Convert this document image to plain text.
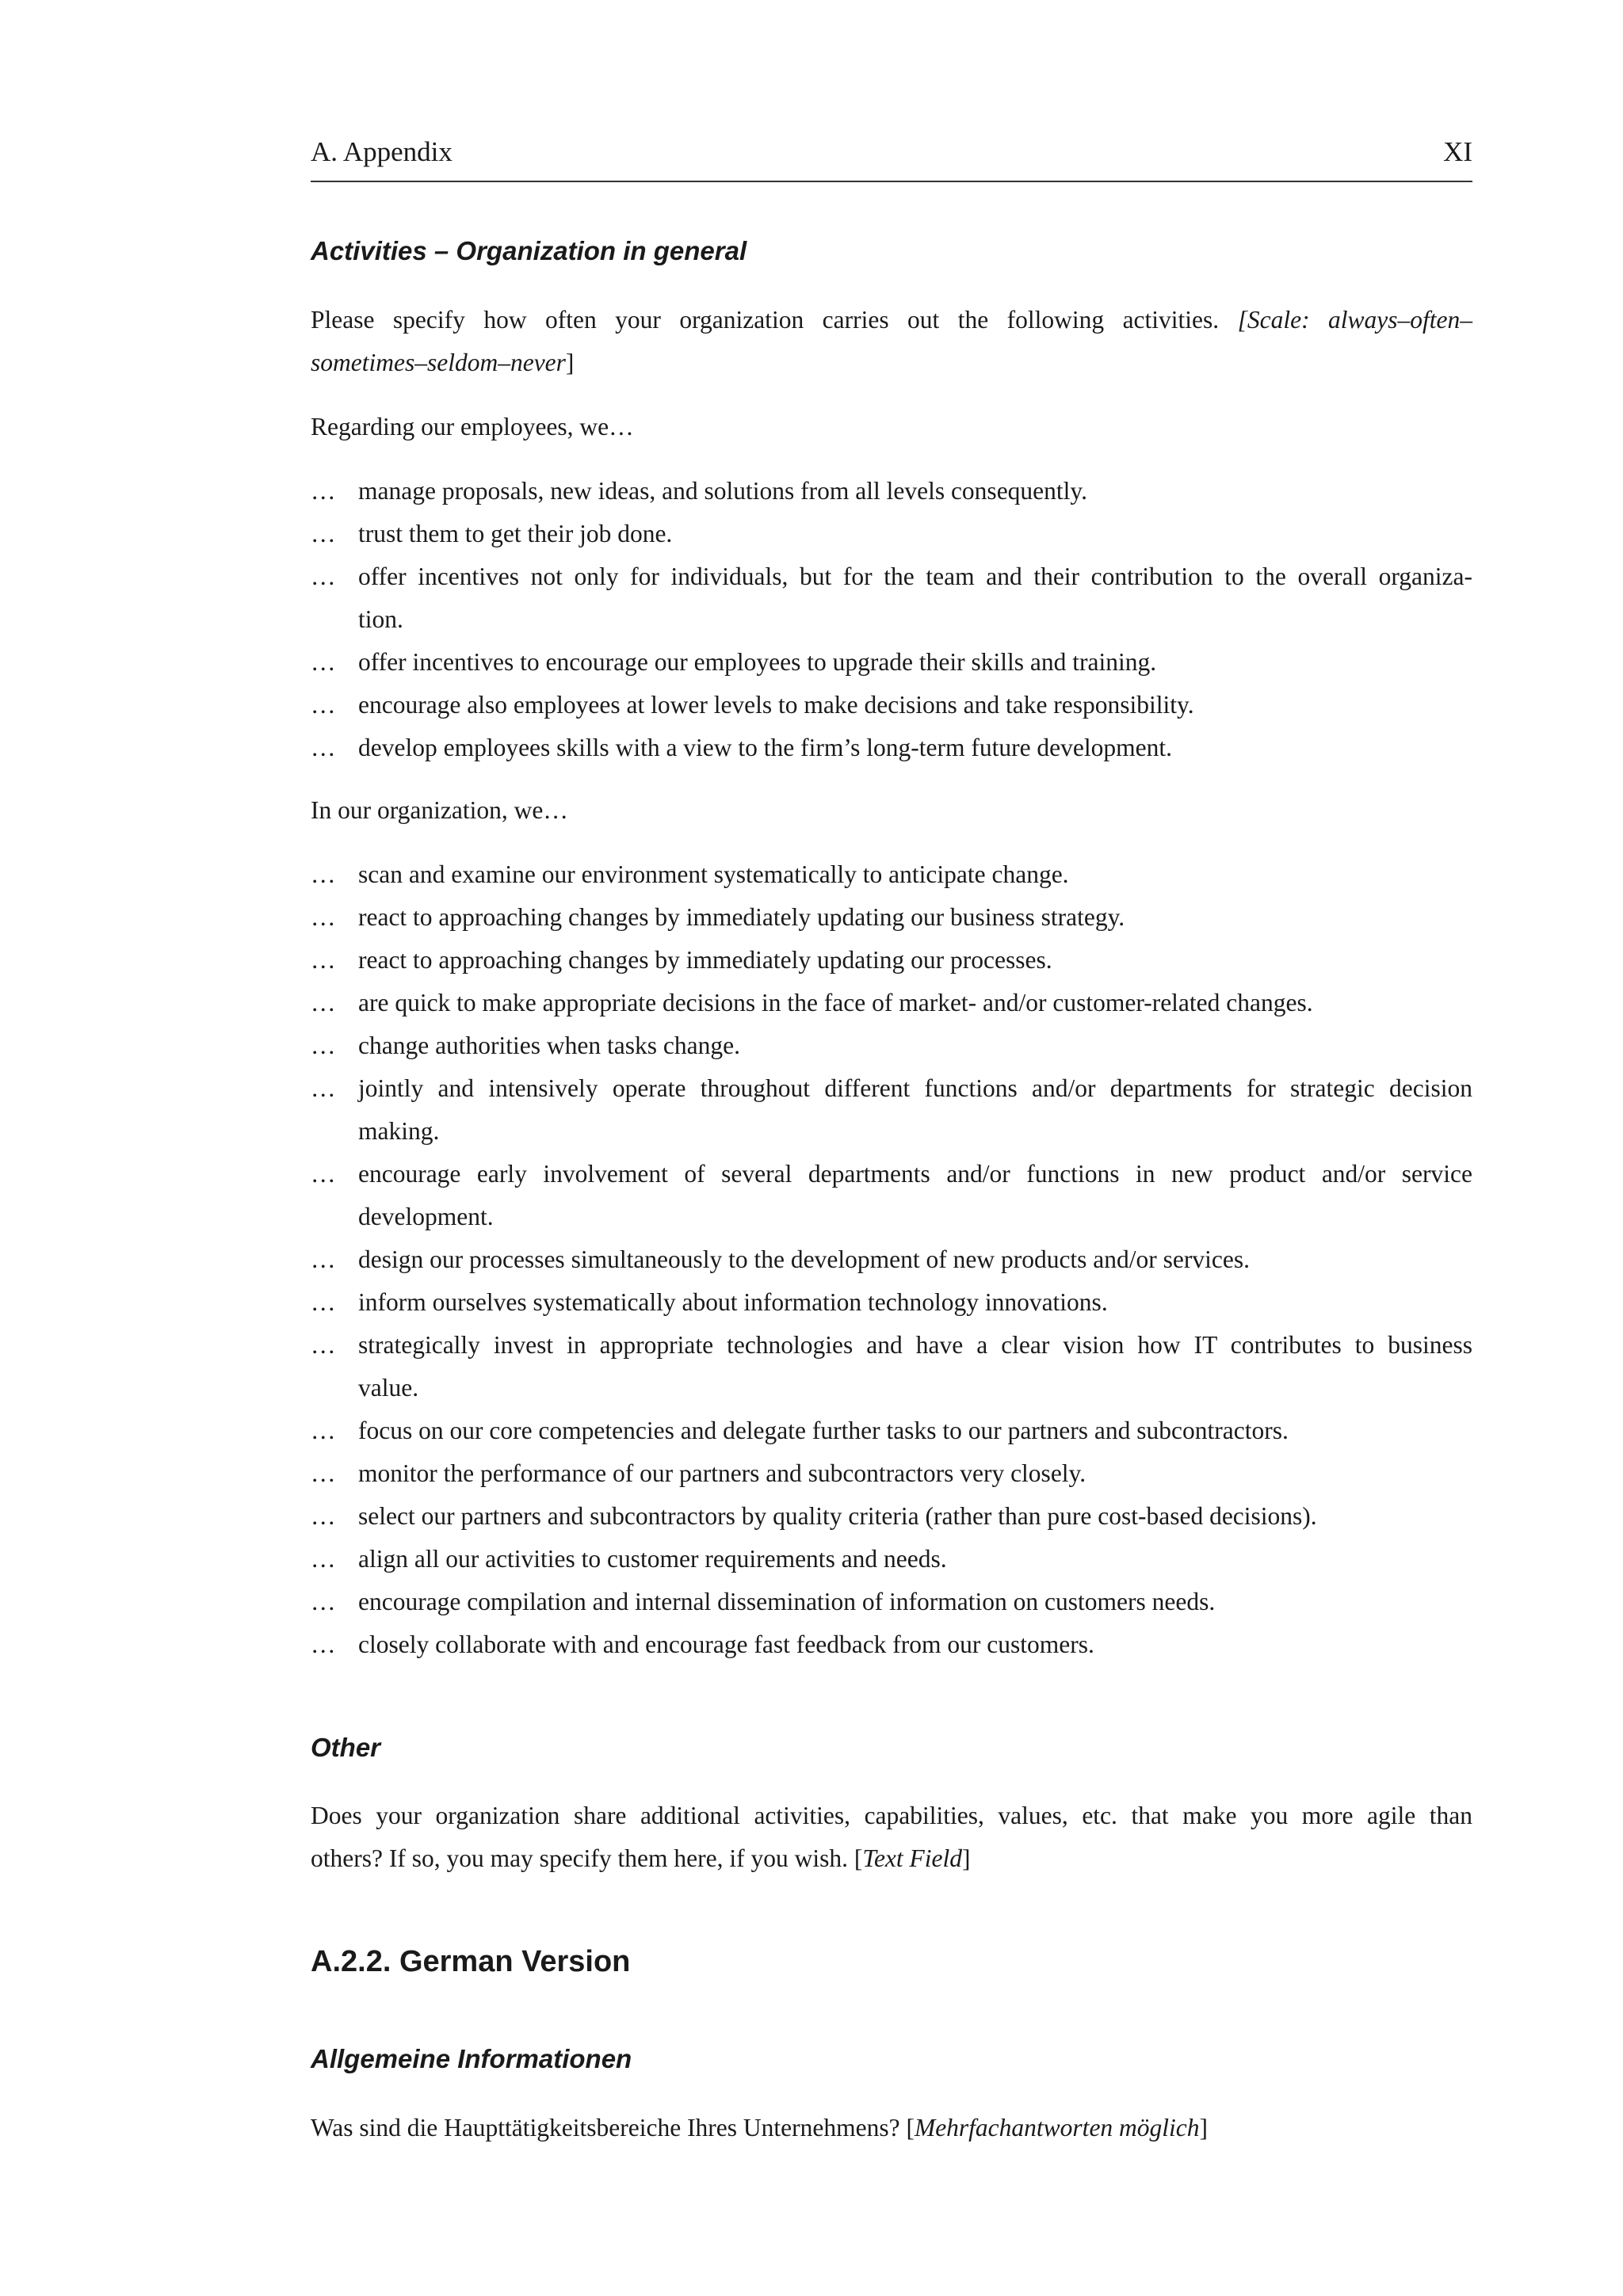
A. Appendix	XI
Activities – Organization in general
Please specify how often your organization carries out the following activities. [Scale: always–often–
sometimes–seldom–never]
Regarding our employees, we…
… manage proposals, new ideas, and solutions from all levels consequently.
… trust them to get their job done.
… offer incentives not only for individuals, but for the team and their contribution to the overall organiza-
tion.
… offer incentives to encourage our employees to upgrade their skills and training.
… encourage also employees at lower levels to make decisions and take responsibility.
… develop employees skills with a view to the firm’s long-term future development.
In our organization, we…
… scan and examine our environment systematically to anticipate change.
… react to approaching changes by immediately updating our business strategy.
… react to approaching changes by immediately updating our processes.
… are quick to make appropriate decisions in the face of market- and/or customer-related changes.
… change authorities when tasks change.
… jointly and intensively operate throughout different functions and/or departments for strategic decision
making.
… encourage early involvement of several departments and/or functions in new product and/or service
development.
… design our processes simultaneously to the development of new products and/or services.
… inform ourselves systematically about information technology innovations.
… strategically invest in appropriate technologies and have a clear vision how IT contributes to business
value.
… focus on our core competencies and delegate further tasks to our partners and subcontractors.
… monitor the performance of our partners and subcontractors very closely.
… select our partners and subcontractors by quality criteria (rather than pure cost-based decisions).
… align all our activities to customer requirements and needs.
… encourage compilation and internal dissemination of information on customers needs.
… closely collaborate with and encourage fast feedback from our customers.
Other
Does your organization share additional activities, capabilities, values, etc. that make you more agile than
others? If so, you may specify them here, if you wish. [Text Field]
A.2.2. German Version
Allgemeine Informationen
Was sind die Haupttätigkeitsbereiche Ihres Unternehmens? [Mehrfachantworten möglich]
